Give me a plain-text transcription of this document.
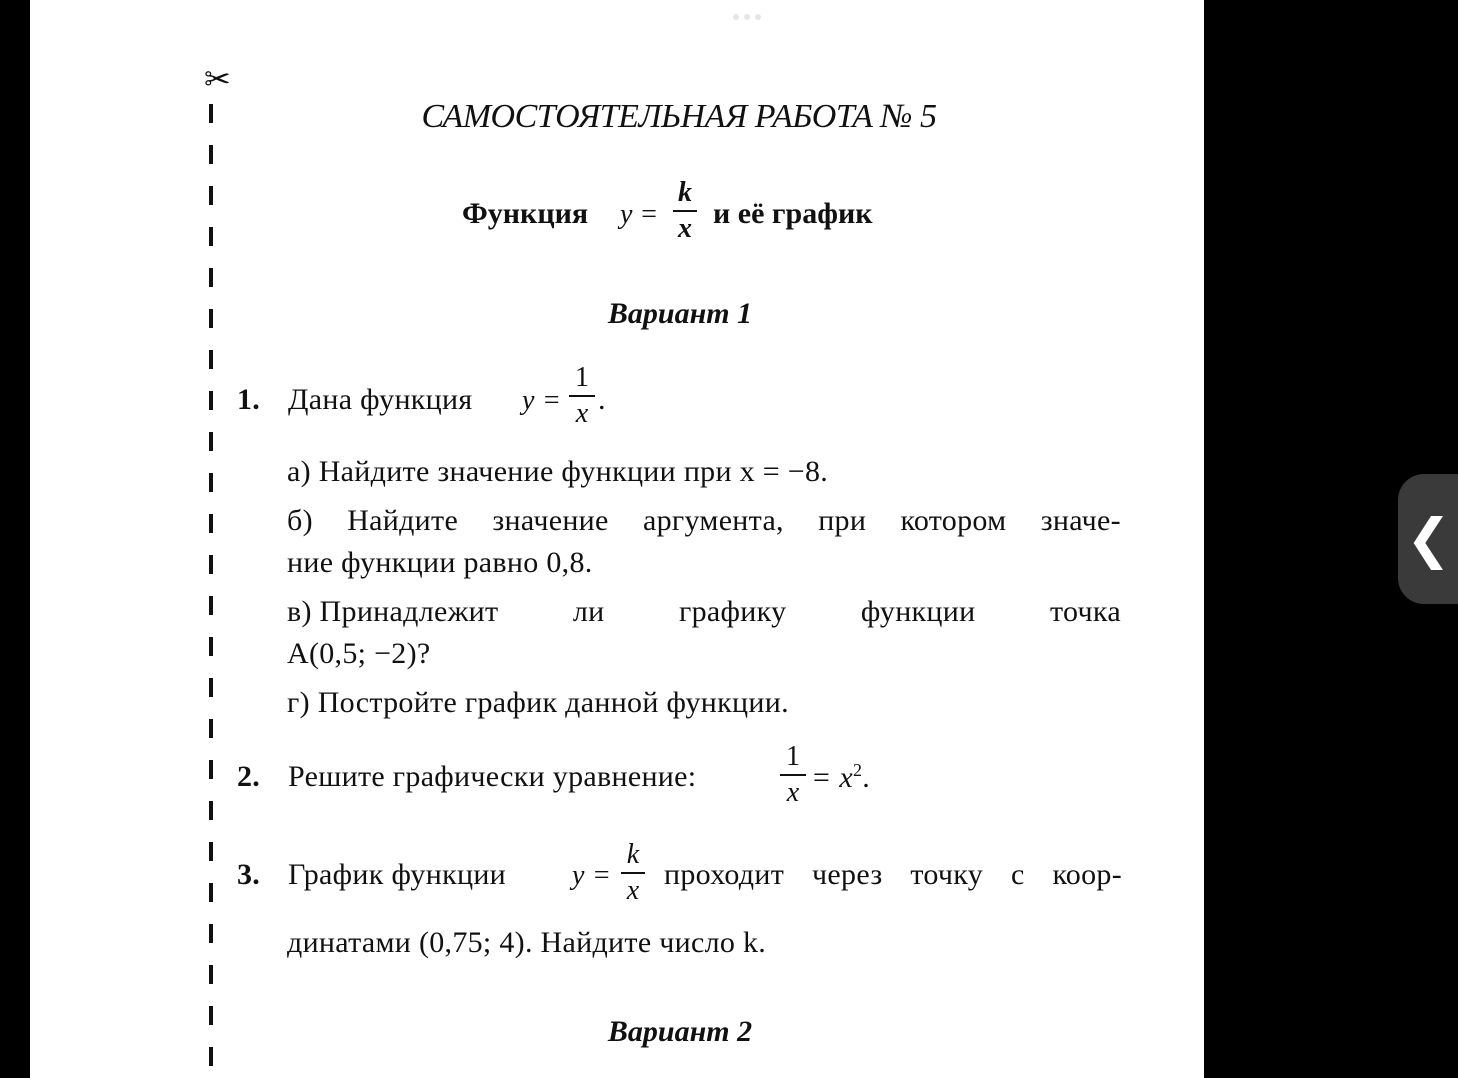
✂
САМОСТОЯТЕЛЬНАЯ РАБОТА № 5
Функция y =
k
x и её график
Вариант 1
1. Дана функция y =
1
x .
а) Найдите значение функции при x = −8.
б) Найдите значение аргумента, при котором значе-
ние функции равно 0,8.
в) Принадлежит ли графику функции точка
A(0,5; −2)?
г) Постройте график данной функции.
2. Решите графически уравнение:
1
$x = x^2$.
3. График функции y =
k
x проходит через точку с коор-
динатами (0,75; 4). Найдите число k.
Вариант 2
❮
